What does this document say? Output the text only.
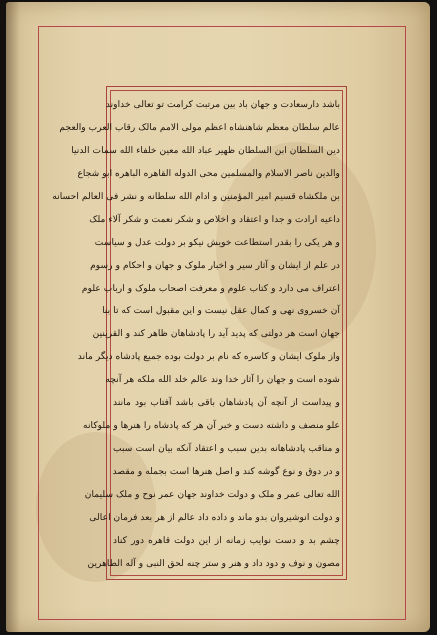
باشد دارسعادت و جهان باد بین مرتبت کرامت تو تعالی خداوند
عالم سلطان معظم شاهنشاه اعظم مولی الامم مالک رقاب العرب والعجم
دین السلطان ابن السلطان ظهیر عباد الله معین خلفاء الله سمات الدنیا
والدین ناصر الاسلام والمسلمین محی الدوله القاهره الباهره ابو شجاع
بن ملکشاه قسیم امیر المؤمنین و ادام الله سلطانه و نشر فی العالم احسانه
داعیه ارادت و جدا و اعتقاد و اخلاص و شکر نعمت و شکر آلاء ملک
و هر یکی را بقدر استطاعت خویش نیکو بر دولت عدل و سیاست
در علم از ایشان و آثار سیر و اخبار ملوک و جهان و احکام و رسوم
اعتراف می دارد و کتاب علوم و معرفت اصحاب ملوک و ارباب علوم
آن خسروی نهی و کمال عقل نیست و این مقبول است که تا بنا
جهان است هر دولتی که پدید آید را پادشاهان ظاهر کند و القرینین
واز ملوک ایشان و کاسره که نام بر دولت بوده جمیع پادشاه دیگر ماند
شوده است و جهان را آثار خدا وند عالم خلد الله ملکه هر آنچه
و پیداست از آنچه آن پادشاهان باقی باشد آفتاب بود مانند
علو منصف و داشته دست و خبر آن هر که پادشاه را هنرها و ملوکانه
و مناقب پادشاهانه بدین سبب و اعتقاد آنکه بیان است سبب
و در دوق و نوع گوشه کند و اصل هنرها است بجمله و مقصد
الله تعالی عمر و ملک و دولت خداوند جهان عمر نوح و ملک سلیمان
و دولت انوشیروان بدو ماند و داده داد عالم از هر بعد فرمان اعالی
چشم بد و دست نوایب زمانه از این دولت قاهره دور کناد
مصون و نوف و دود داد و هنر و ستر چنه لحق النبی و آله الطاهرین
